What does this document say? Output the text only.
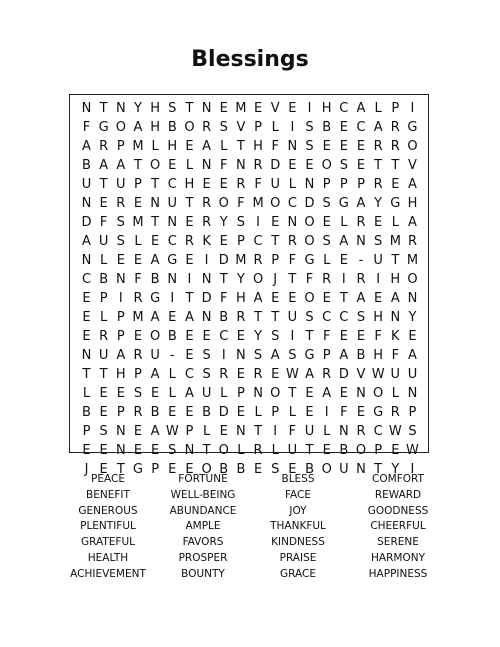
Blessings
N T N Y H S T N E M E V E I H C A L P I
F G O A H B O R S V P L I S B E C A R G
A R P M L H E A L T H F N S E E E R R O
B A A T O E L N F N R D E E O S E T T V
U T U P T C H E E R F U L N P P P R E A
N E R E N U T R O F M O C D S G A Y G H
D F S M T N E R Y S I E N O E L R E L A
A U S L E C R K E P C T R O S A N S M R
N L E E A G E I D M R P F G L E - U T M
C B N F B N I N T Y O J T F R I R I H O
E P I R G I T D F H A E E O E T A E A N
E L P M A E A N B R T T U S C C S H N Y
E R P E O B E E C E Y S I T F E E F K E
N U A R U - E S I N S A S G P A B H F A
T T H P A L C S R E R E W A R D V W U U
L E E S E L A U L P N O T E A E N O L N
B E P R B E E B D E L P L E I F E G R P
P S N E A W P L E N T I F U L N R C W S
E E N E E S N T O L R L U T E B O P E W
J E T G P E E O B B E S E B O U N T Y I
PEACE	FORTUNE	BLESS	COMFORT
BENEFIT	WELL-BEING	FACE	REWARD
GENEROUS	ABUNDANCE	JOY	GOODNESS
PLENTIFUL	AMPLE	THANKFUL	CHEERFUL
GRATEFUL	FAVORS	KINDNESS	SERENE
HEALTH	PROSPER	PRAISE	HARMONY
ACHIEVEMENT	BOUNTY	GRACE	HAPPINESS
